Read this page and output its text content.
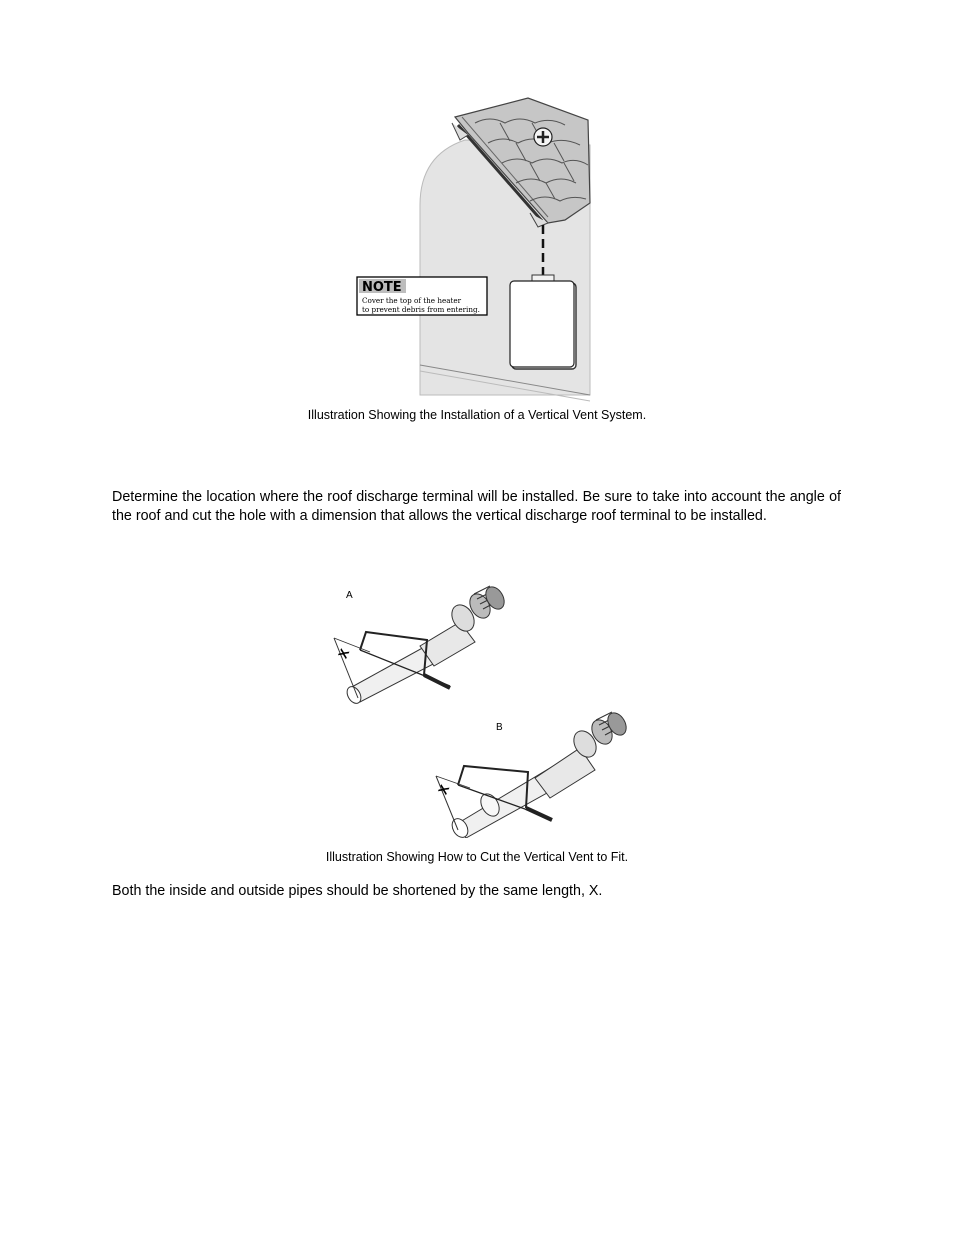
NOTE
Cover the top of the heater
to prevent debris from entering.
Illustration Showing the Installation of a Vertical Vent System.

Determine the location where the roof discharge terminal will be installed. Be sure to take into account the angle of the roof and cut the hole with a dimension that allows the vertical discharge roof terminal to be installed.

A
X
B
X
Illustration Showing How to Cut the Vertical Vent to Fit.

Both the inside and outside pipes should be shortened by the same length, X.
